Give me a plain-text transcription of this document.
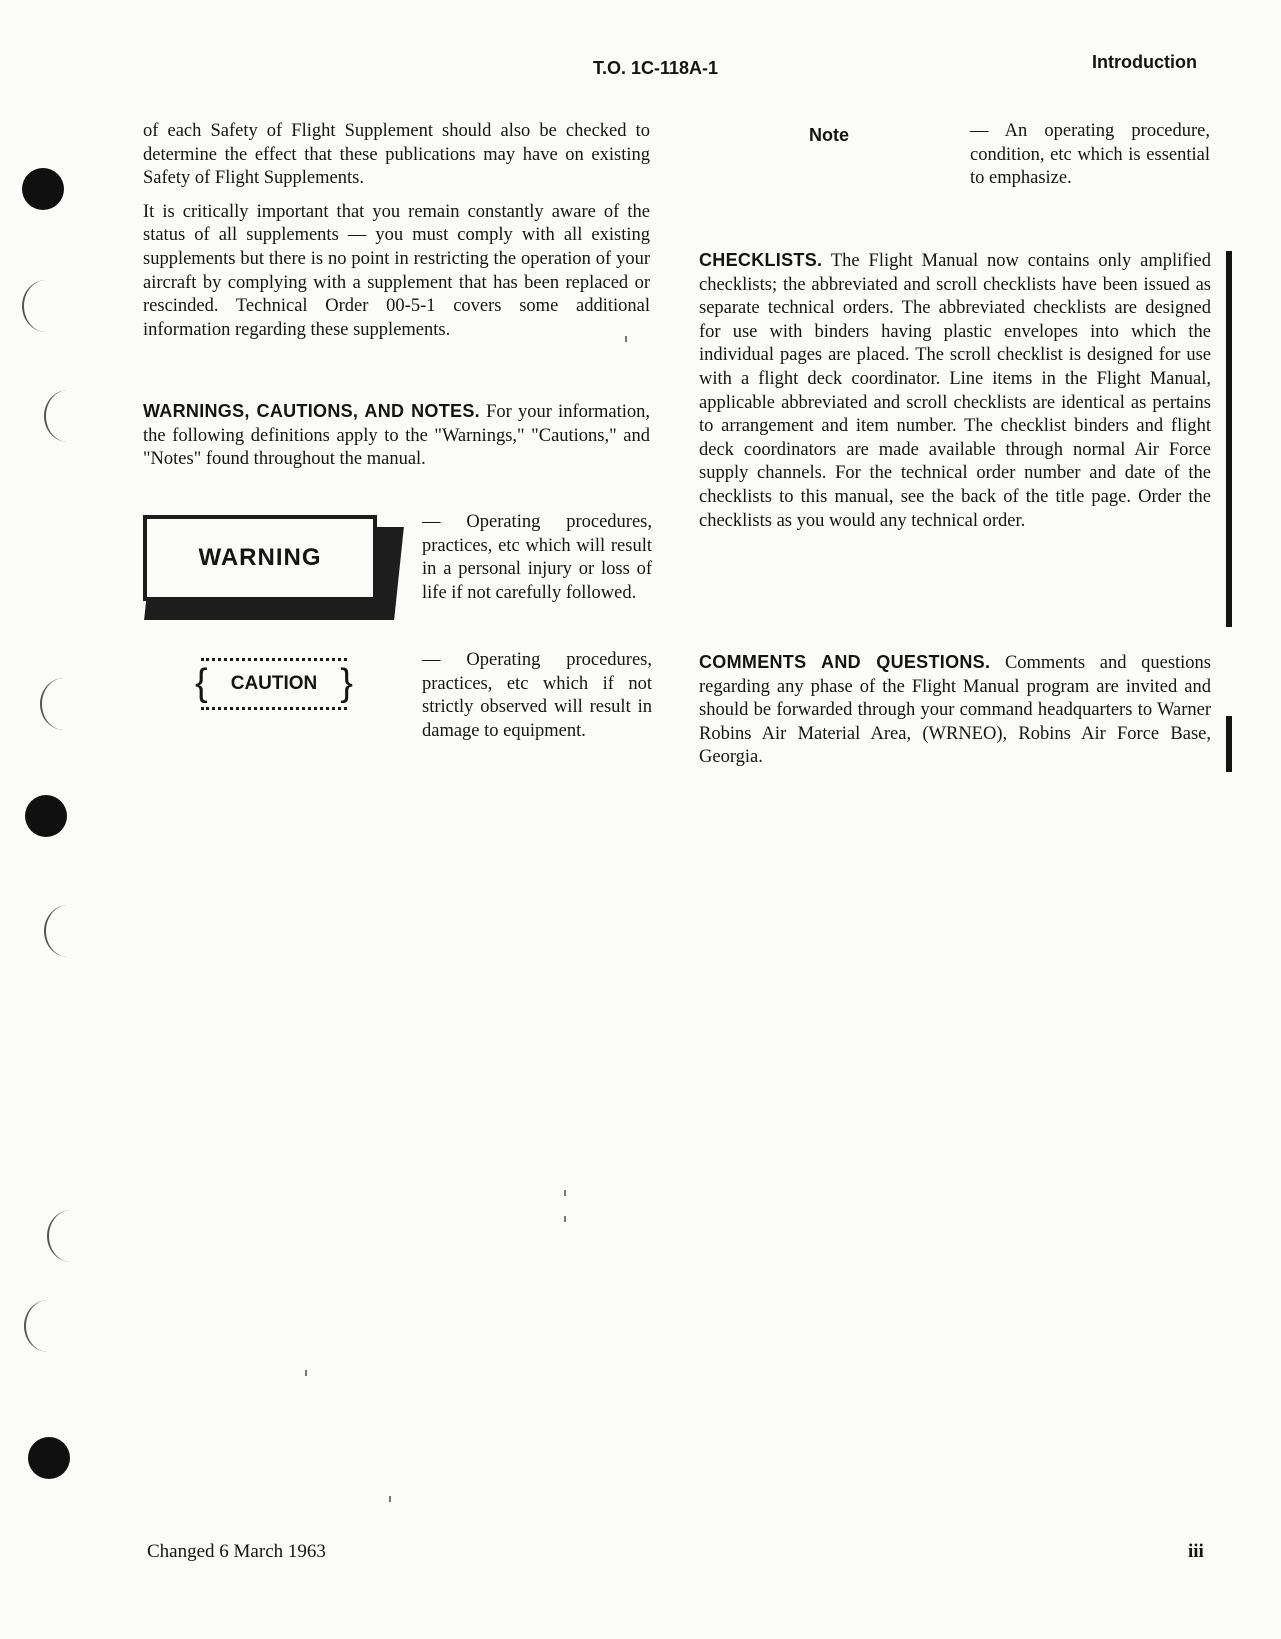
T.O. 1C-118A-1	Introduction

of each Safety of Flight Supplement should also be checked to determine the effect that these publications may have on existing Safety of Flight Supplements.

It is critically important that you remain constantly aware of the status of all supplements — you must comply with all existing supplements but there is no point in restricting the operation of your aircraft by complying with a supplement that has been replaced or rescinded. Technical Order 00-5-1 covers some additional information regarding these supplements.

WARNINGS, CAUTIONS, AND NOTES. For your information, the following definitions apply to the "Warnings," "Cautions," and "Notes" found throughout the manual.

WARNING
— Operating procedures, practices, etc which will result in a personal injury or loss of life if not carefully followed.
{ CAUTION }
— Operating procedures, practices, etc which if not strictly observed will result in damage to equipment.
Note	— An operating procedure, condition, etc which is essential to emphasize.

CHECKLISTS. The Flight Manual now contains only amplified checklists; the abbreviated and scroll checklists have been issued as separate technical orders. The abbreviated checklists are designed for use with binders having plastic envelopes into which the individual pages are placed. The scroll checklist is designed for use with a flight deck coordinator. Line items in the Flight Manual, applicable abbreviated and scroll checklists are identical as pertains to arrangement and item number. The checklist binders and flight deck coordinators are made available through normal Air Force supply channels. For the technical order number and date of the checklists to this manual, see the back of the title page. Order the checklists as you would any technical order.

COMMENTS AND QUESTIONS. Comments and questions regarding any phase of the Flight Manual program are invited and should be forwarded through your command headquarters to Warner Robins Air Material Area, (WRNEO), Robins Air Force Base, Georgia.

Changed 6 March 1963	iii
